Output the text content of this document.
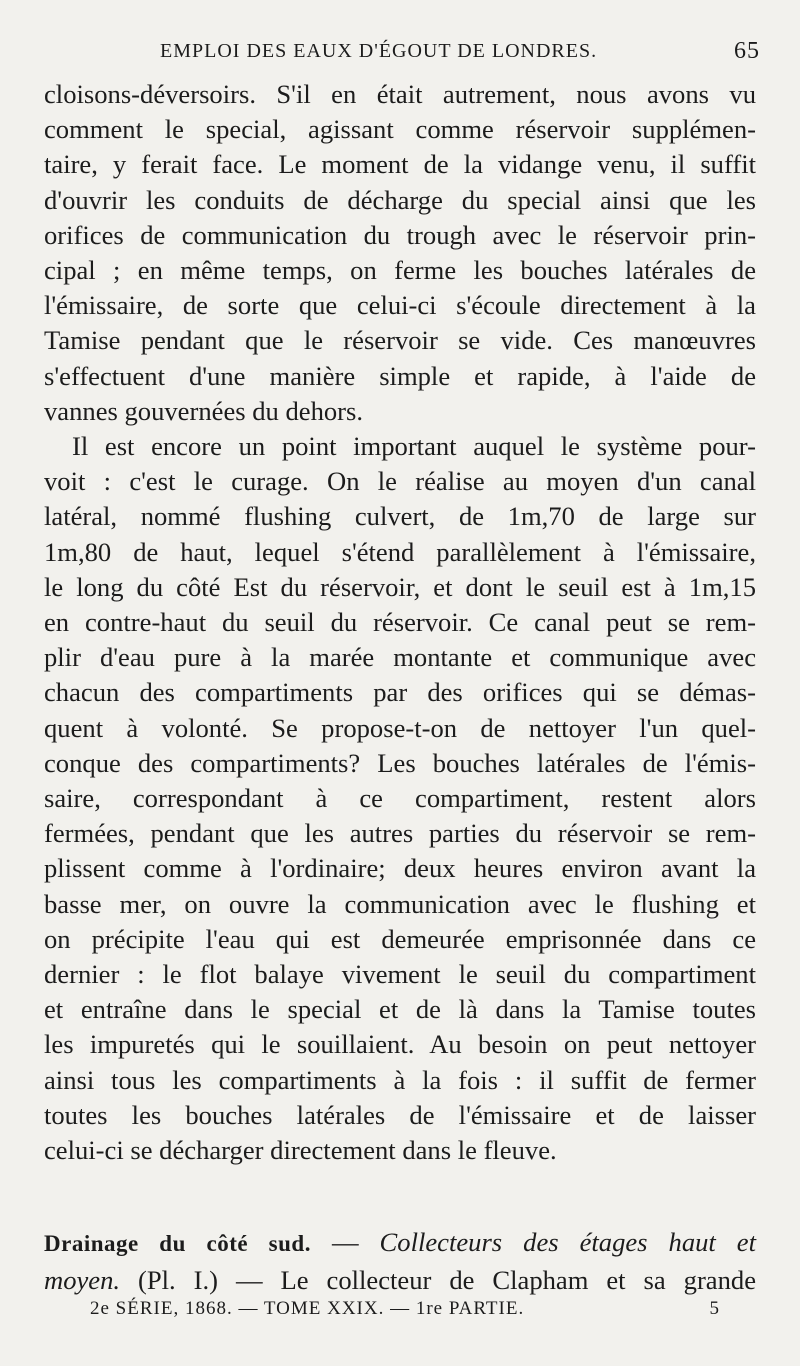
EMPLOI DES EAUX D'ÉGOUT DE LONDRES.	65
cloisons-déversoirs. S'il en était autrement, nous avons vu
comment le special, agissant comme réservoir supplémen-
taire, y ferait face. Le moment de la vidange venu, il suffit
d'ouvrir les conduits de décharge du special ainsi que les
orifices de communication du trough avec le réservoir prin-
cipal ; en même temps, on ferme les bouches latérales de
l'émissaire, de sorte que celui-ci s'écoule directement à la
Tamise pendant que le réservoir se vide. Ces manœuvres
s'effectuent d'une manière simple et rapide, à l'aide de
vannes gouvernées du dehors.
Il est encore un point important auquel le système pour-
voit : c'est le curage. On le réalise au moyen d'un canal
latéral, nommé flushing culvert, de 1m,70 de large sur
1m,80 de haut, lequel s'étend parallèlement à l'émissaire,
le long du côté Est du réservoir, et dont le seuil est à 1m,15
en contre-haut du seuil du réservoir. Ce canal peut se rem-
plir d'eau pure à la marée montante et communique avec
chacun des compartiments par des orifices qui se démas-
quent à volonté. Se propose-t-on de nettoyer l'un quel-
conque des compartiments? Les bouches latérales de l'émis-
saire, correspondant à ce compartiment, restent alors
fermées, pendant que les autres parties du réservoir se rem-
plissent comme à l'ordinaire; deux heures environ avant la
basse mer, on ouvre la communication avec le flushing et
on précipite l'eau qui est demeurée emprisonnée dans ce
dernier : le flot balaye vivement le seuil du compartiment
et entraîne dans le special et de là dans la Tamise toutes
les impuretés qui le souillaient. Au besoin on peut nettoyer
ainsi tous les compartiments à la fois : il suffit de fermer
toutes les bouches latérales de l'émissaire et de laisser
celui-ci se décharger directement dans le fleuve.
Drainage du côté sud. — Collecteurs des étages haut et
moyen. (Pl. I.) — Le collecteur de Clapham et sa grande
2e SÉRIE, 1868. — TOME XXIX. — 1re PARTIE.	5
